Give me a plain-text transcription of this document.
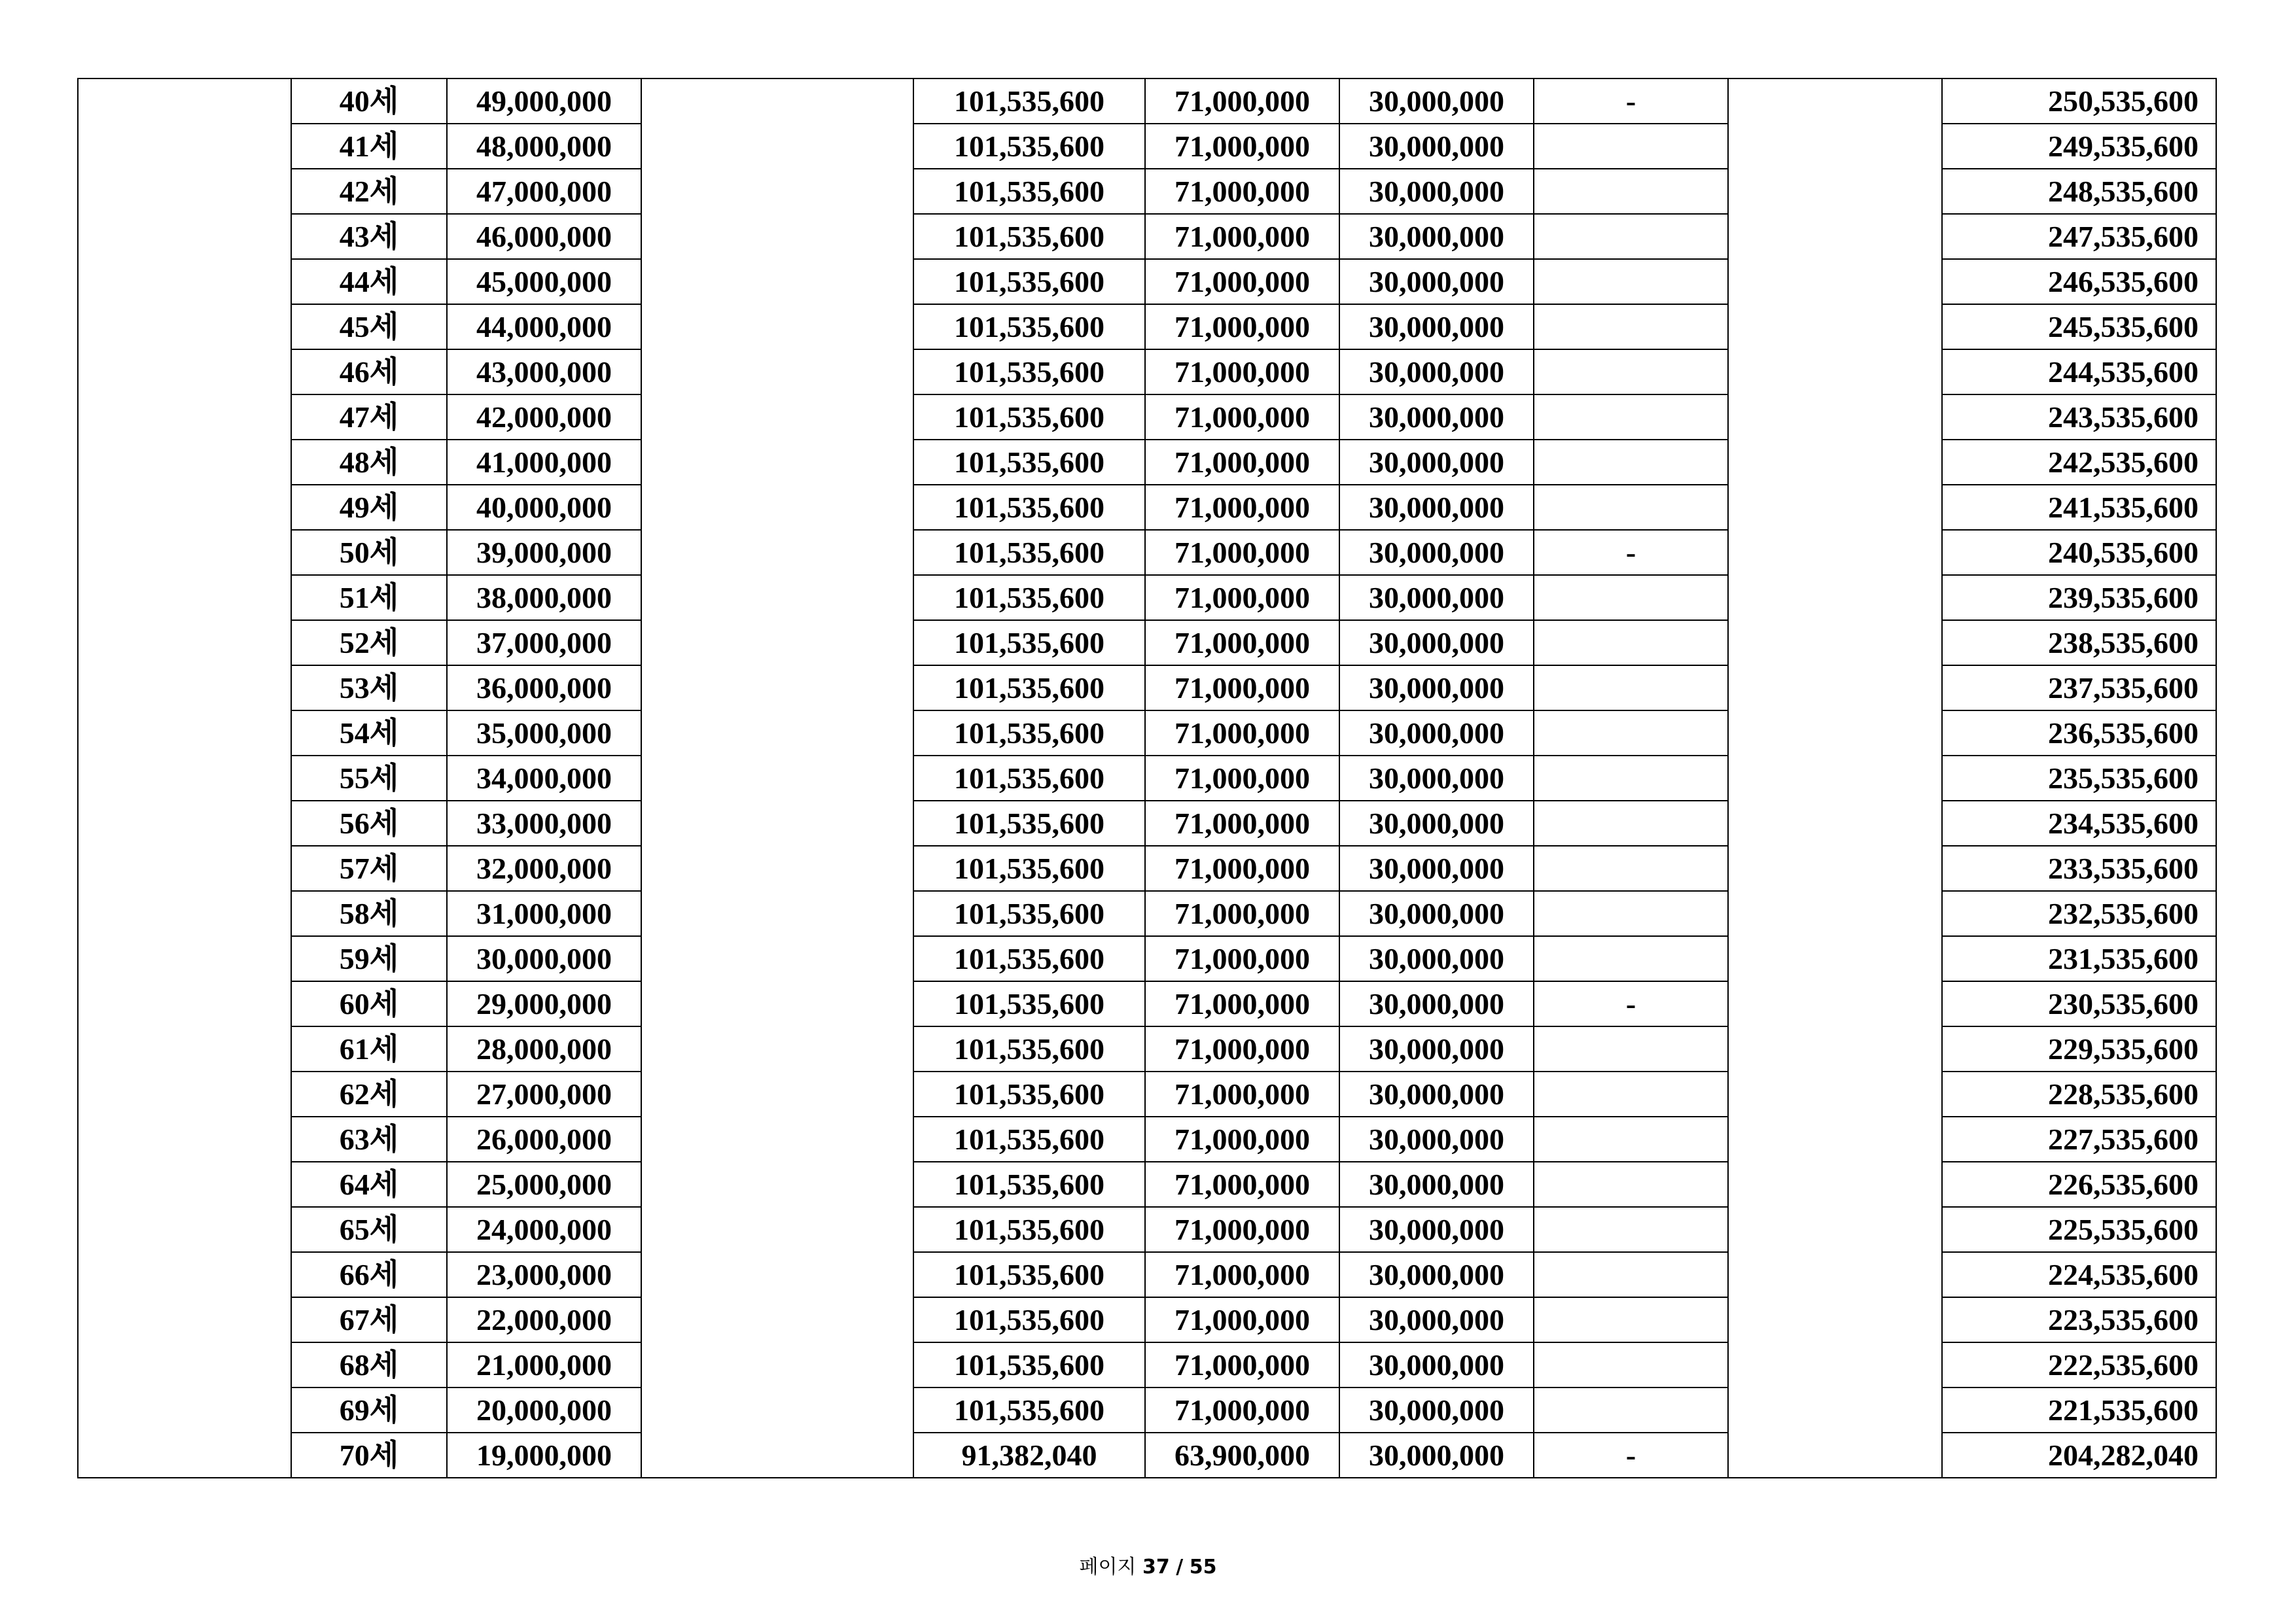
	40세	49,000,000		101,535,600	71,000,000	30,000,000	-		250,535,600
	41세	48,000,000		101,535,600	71,000,000	30,000,000			249,535,600
	42세	47,000,000		101,535,600	71,000,000	30,000,000			248,535,600
	43세	46,000,000		101,535,600	71,000,000	30,000,000			247,535,600
	44세	45,000,000		101,535,600	71,000,000	30,000,000			246,535,600
	45세	44,000,000		101,535,600	71,000,000	30,000,000			245,535,600
	46세	43,000,000		101,535,600	71,000,000	30,000,000			244,535,600
	47세	42,000,000		101,535,600	71,000,000	30,000,000			243,535,600
	48세	41,000,000		101,535,600	71,000,000	30,000,000			242,535,600
	49세	40,000,000		101,535,600	71,000,000	30,000,000			241,535,600
	50세	39,000,000		101,535,600	71,000,000	30,000,000	-		240,535,600
	51세	38,000,000		101,535,600	71,000,000	30,000,000			239,535,600
	52세	37,000,000		101,535,600	71,000,000	30,000,000			238,535,600
	53세	36,000,000		101,535,600	71,000,000	30,000,000			237,535,600
	54세	35,000,000		101,535,600	71,000,000	30,000,000			236,535,600
	55세	34,000,000		101,535,600	71,000,000	30,000,000			235,535,600
	56세	33,000,000		101,535,600	71,000,000	30,000,000			234,535,600
	57세	32,000,000		101,535,600	71,000,000	30,000,000			233,535,600
	58세	31,000,000		101,535,600	71,000,000	30,000,000			232,535,600
	59세	30,000,000		101,535,600	71,000,000	30,000,000			231,535,600
	60세	29,000,000		101,535,600	71,000,000	30,000,000	-		230,535,600
	61세	28,000,000		101,535,600	71,000,000	30,000,000			229,535,600
	62세	27,000,000		101,535,600	71,000,000	30,000,000			228,535,600
	63세	26,000,000		101,535,600	71,000,000	30,000,000			227,535,600
	64세	25,000,000		101,535,600	71,000,000	30,000,000			226,535,600
	65세	24,000,000		101,535,600	71,000,000	30,000,000			225,535,600
	66세	23,000,000		101,535,600	71,000,000	30,000,000			224,535,600
	67세	22,000,000		101,535,600	71,000,000	30,000,000			223,535,600
	68세	21,000,000		101,535,600	71,000,000	30,000,000			222,535,600
	69세	20,000,000		101,535,600	71,000,000	30,000,000			221,535,600
	70세	19,000,000		91,382,040	63,900,000	30,000,000	-		204,282,040
페이지 37 / 55
